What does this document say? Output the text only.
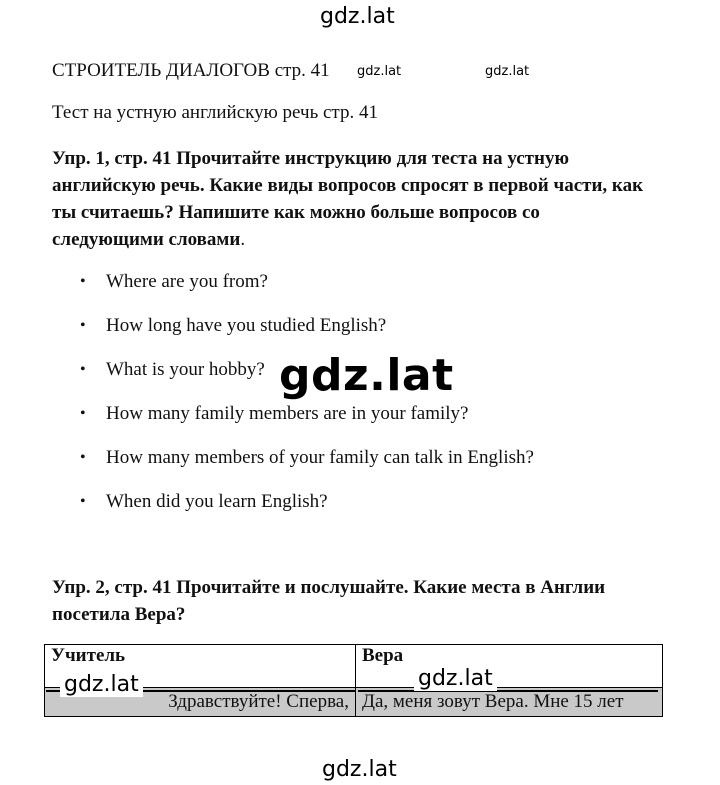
gdz.lat
СТРОИТЕЛЬ ДИАЛОГОВ стр. 41 gdz.lat	gdz.lat
Тест на устную английскую речь стр. 41
Упр. 1, стр. 41 Прочитайте инструкцию для теста на устную английскую речь. Какие виды вопросов спросят в первой части, как ты считаешь? Напишите как можно больше вопросов со следующими словами.
• Where are you from?
• How long have you studied English?
• What is your hobby?
• How many family members are in your family?
• How many members of your family can talk in English?
• When did you learn English?
gdz.lat
Упр. 2, стр. 41 Прочитайте и послушайте. Какие места в Англии посетила Вера?
Учитель	Вера
Здравствуйте! Сперва,	Да, меня зовут Вера. Мне 15 лет
gdz.lat	gdz.lat
gdz.lat
